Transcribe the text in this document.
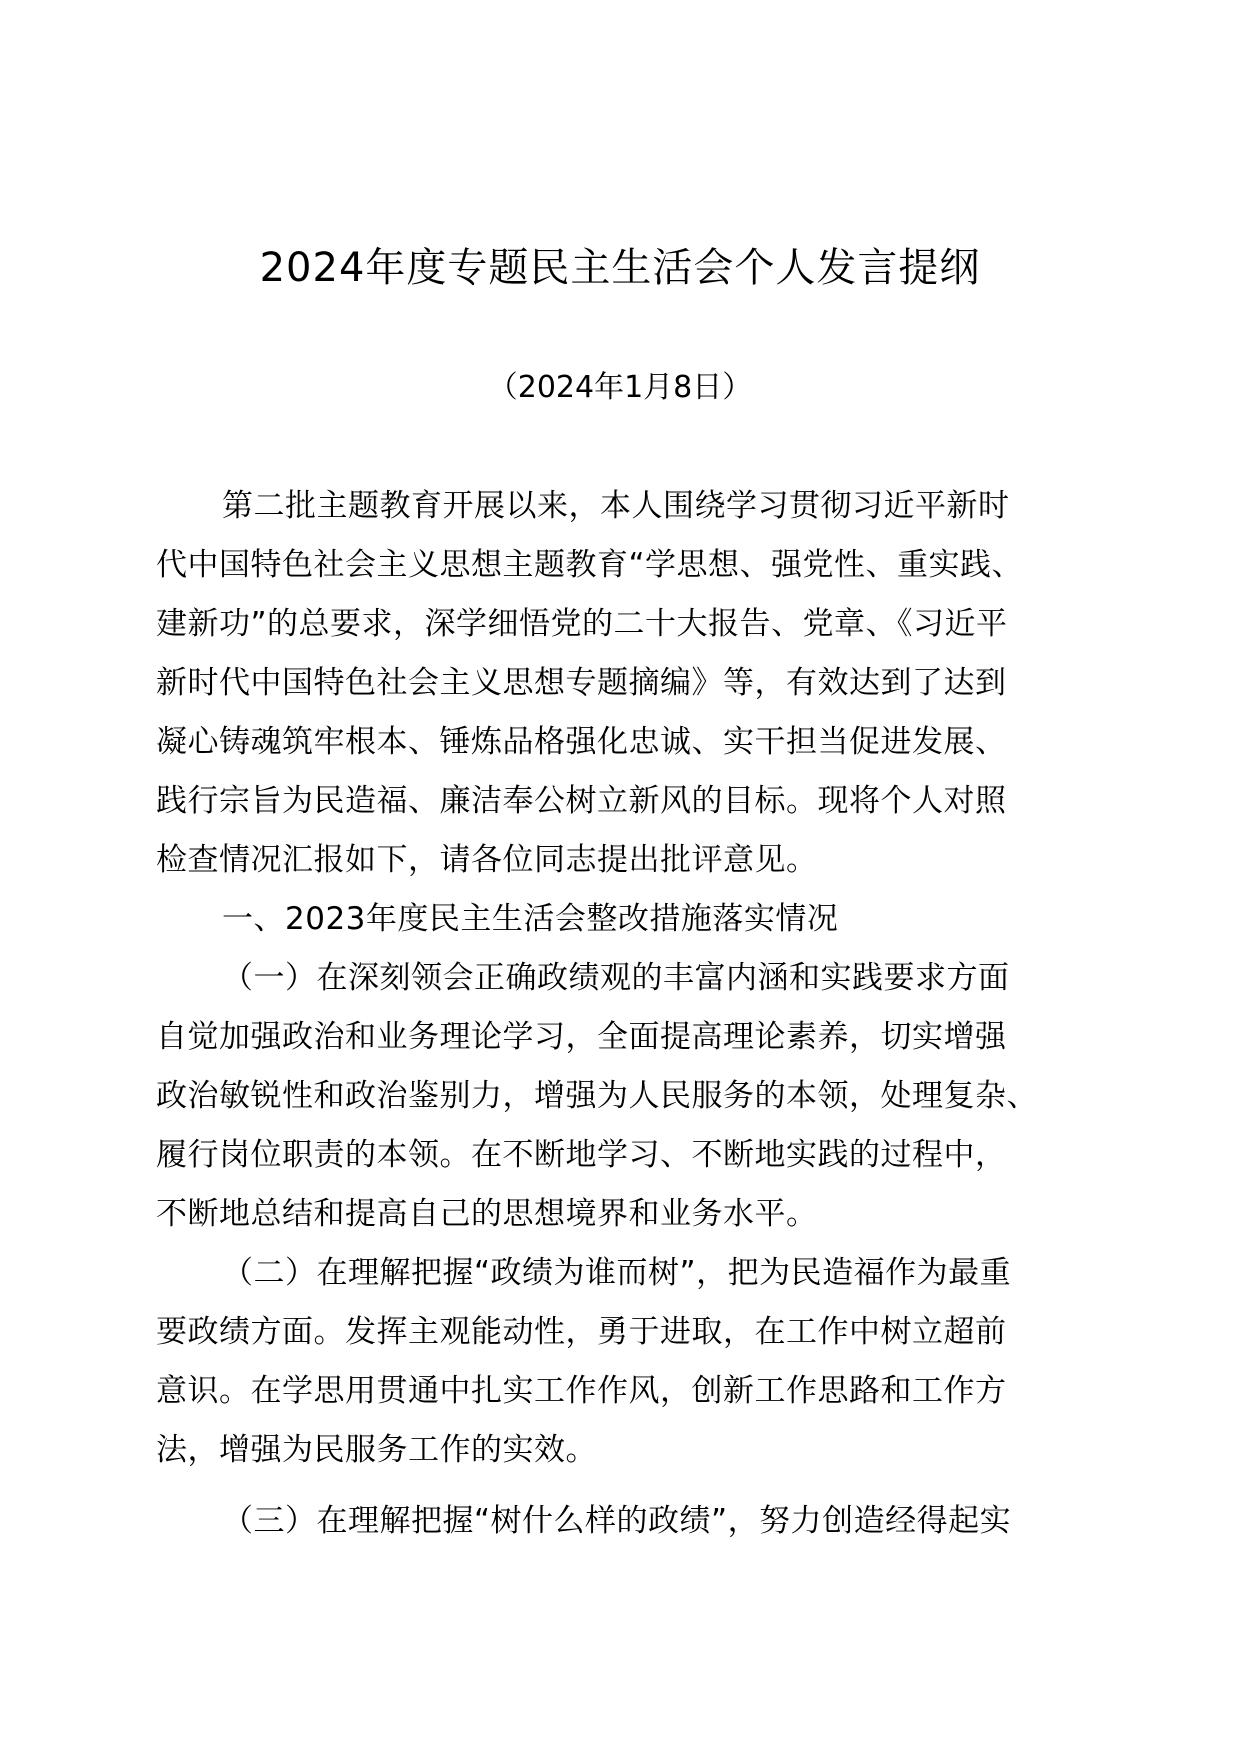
2024年度专题民主生活会个人发言提纲
（2024年1月8日）
第二批主题教育开展以来，本人围绕学习贯彻习近平新时
代中国特色社会主义思想主题教育“学思想、强党性、重实践、
建新功”的总要求，深学细悟党的二十大报告、党章、《习近平
新时代中国特色社会主义思想专题摘编》等，有效达到了达到
凝心铸魂筑牢根本、锤炼品格强化忠诚、实干担当促进发展、
践行宗旨为民造福、廉洁奉公树立新风的目标。现将个人对照
检查情况汇报如下，请各位同志提出批评意见。
一、2023年度民主生活会整改措施落实情况
（一）在深刻领会正确政绩观的丰富内涵和实践要求方面
自觉加强政治和业务理论学习，全面提高理论素养，切实增强
政治敏锐性和政治鉴别力，增强为人民服务的本领，处理复杂、
履行岗位职责的本领。在不断地学习、不断地实践的过程中，
不断地总结和提高自己的思想境界和业务水平。
（二）在理解把握“政绩为谁而树”，把为民造福作为最重
要政绩方面。发挥主观能动性，勇于进取，在工作中树立超前
意识。在学思用贯通中扎实工作作风，创新工作思路和工作方
法，增强为民服务工作的实效。
（三）在理解把握“树什么样的政绩”，努力创造经得起实
